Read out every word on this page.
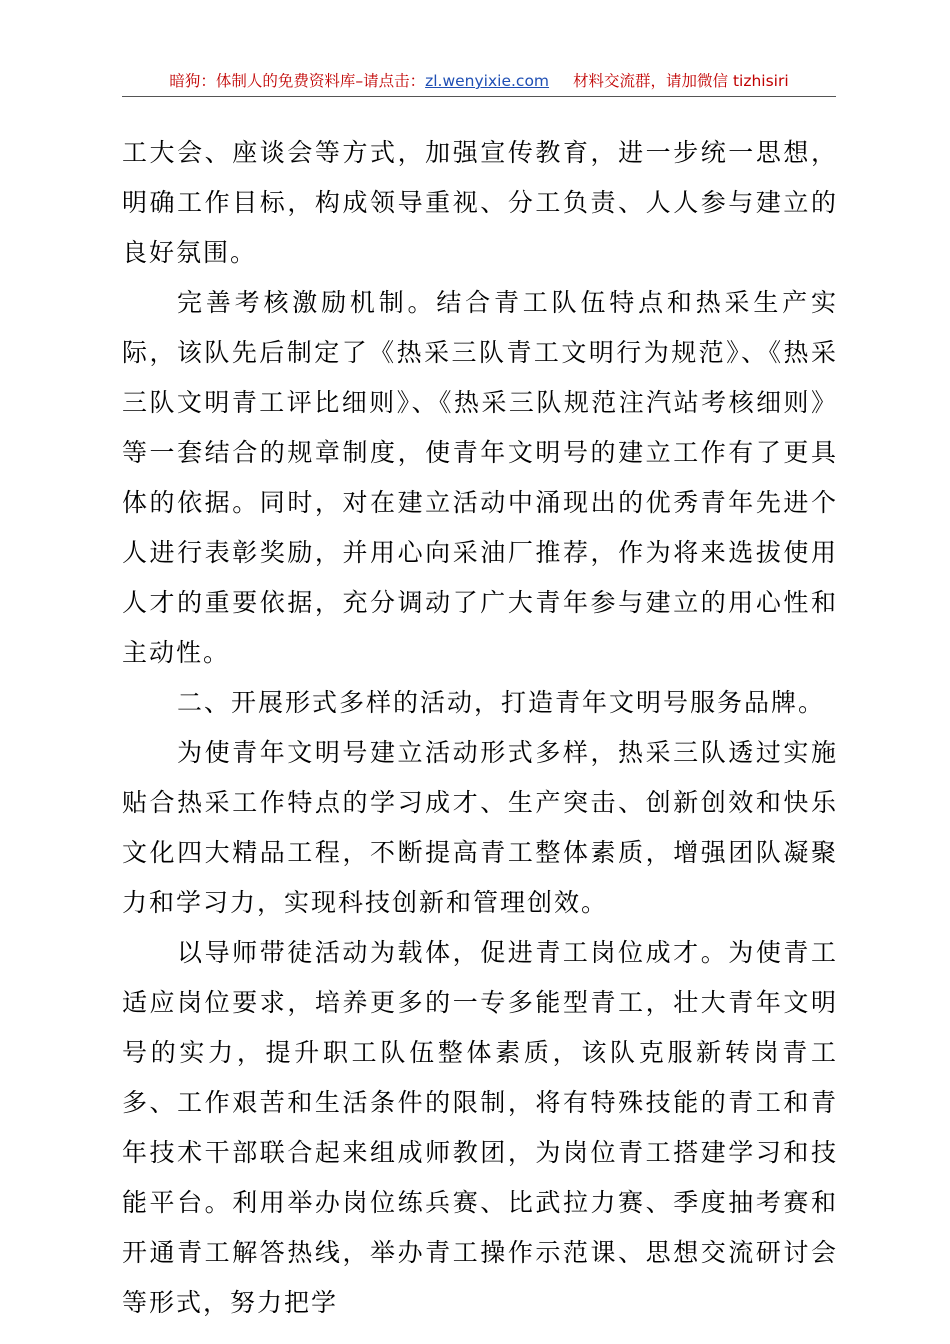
暗狗：体制人的免费资料库–请点击：zl.wenyixie.com 材料交流群，请加微信 tizhisiri

工大会、座谈会等方式，加强宣传教育，进一步统一思想，明确工作目标，构成领导重视、分工负责、人人参与建立的良好氛围。

完善考核激励机制。结合青工队伍特点和热采生产实际，该队先后制定了《热采三队青工文明行为规范》、《热采三队文明青工评比细则》、《热采三队规范注汽站考核细则》等一套结合的规章制度，使青年文明号的建立工作有了更具体的依据。同时，对在建立活动中涌现出的优秀青年先进个人进行表彰奖励，并用心向采油厂推荐，作为将来选拔使用人才的重要依据，充分调动了广大青年参与建立的用心性和主动性。

二、开展形式多样的活动，打造青年文明号服务品牌。

为使青年文明号建立活动形式多样，热采三队透过实施贴合热采工作特点的学习成才、生产突击、创新创效和快乐文化四大精品工程，不断提高青工整体素质，增强团队凝聚力和学习力，实现科技创新和管理创效。

以导师带徒活动为载体，促进青工岗位成才。为使青工适应岗位要求，培养更多的一专多能型青工，壮大青年文明号的实力，提升职工队伍整体素质，该队克服新转岗青工多、工作艰苦和生活条件的限制，将有特殊技能的青工和青年技术干部联合起来组成师教团，为岗位青工搭建学习和技能平台。利用举办岗位练兵赛、比武拉力赛、季度抽考赛和开通青工解答热线，举办青工操作示范课、思想交流研讨会等形式，努力把学
